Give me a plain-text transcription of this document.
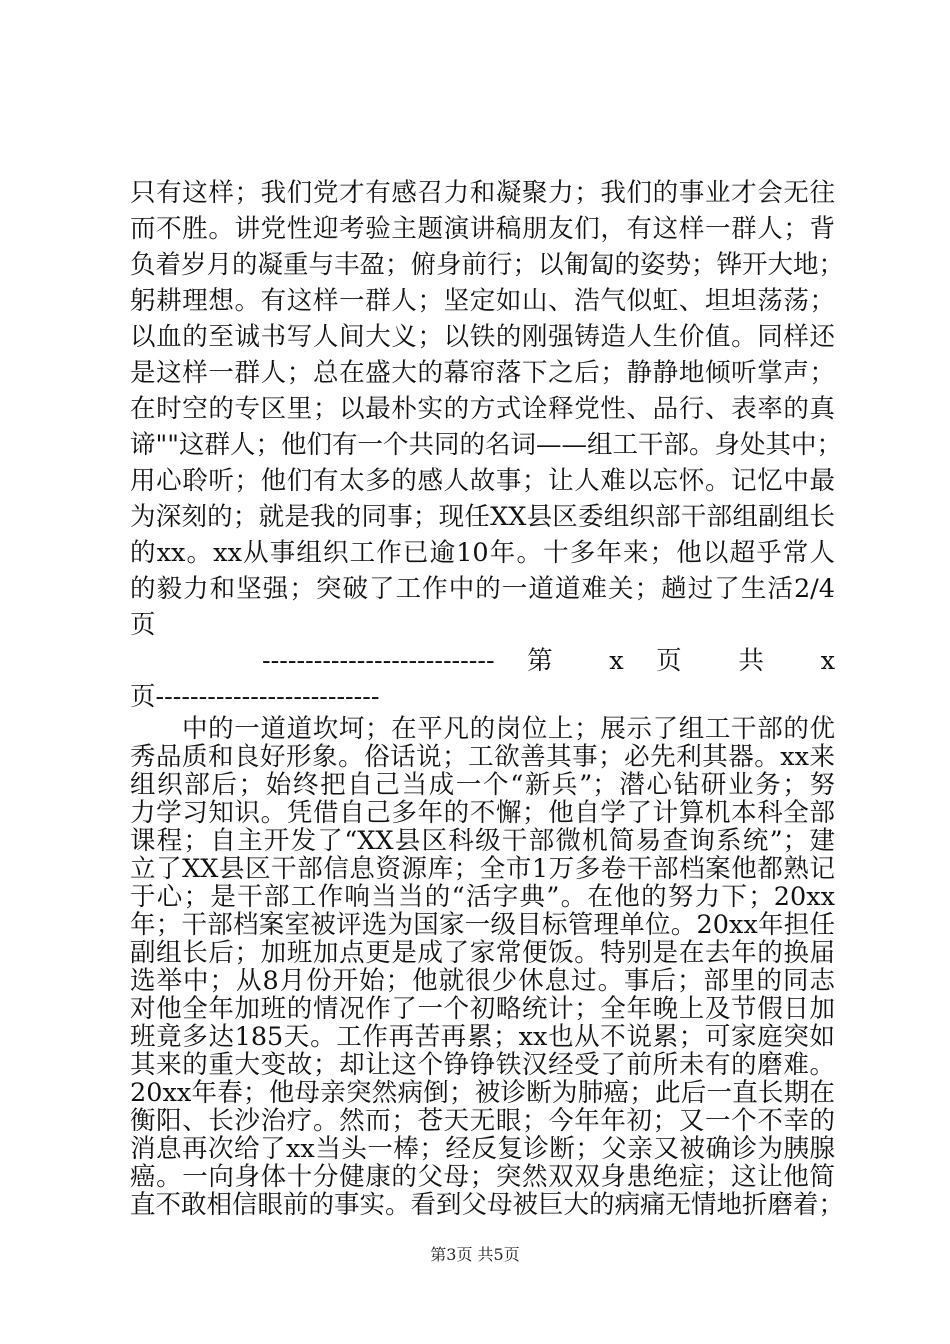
只有这样；我们党才有感召力和凝聚力；我们的事业才会无往
而不胜。讲党性迎考验主题演讲稿朋友们，有这样一群人；背
负着岁月的凝重与丰盈；俯身前行；以匍匐的姿势；铧开大地；
躬耕理想。有这样一群人；坚定如山、浩气似虹、坦坦荡荡；
以血的至诚书写人间大义；以铁的刚强铸造人生价值。同样还
是这样一群人；总在盛大的幕帘落下之后；静静地倾听掌声；
在时空的专区里；以最朴实的方式诠释党性、品行、表率的真
谛""这群人；他们有一个共同的名词——组工干部。身处其中；
用心聆听；他们有太多的感人故事；让人难以忘怀。记忆中最
为深刻的；就是我的同事；现任XX县区委组织部干部组副组长
的xx。xx从事组织工作已逾10年。十多年来；他以超乎常人
的毅力和坚强；突破了工作中的一道道难关；趟过了生活2/4
页
--------------------------- 第 x 页 共 x
页--------------------------
中的一道道坎坷；在平凡的岗位上；展示了组工干部的优
秀品质和良好形象。俗话说；工欲善其事；必先利其器。xx来
组织部后；始终把自己当成一个“新兵”；潜心钻研业务；努
力学习知识。凭借自己多年的不懈；他自学了计算机本科全部
课程；自主开发了“XX县区科级干部微机简易查询系统”；建
立了XX县区干部信息资源库；全市1万多卷干部档案他都熟记
于心；是干部工作响当当的“活字典”。在他的努力下；20xx
年；干部档案室被评选为国家一级目标管理单位。20xx年担任
副组长后；加班加点更是成了家常便饭。特别是在去年的换届
选举中；从8月份开始；他就很少休息过。事后；部里的同志
对他全年加班的情况作了一个初略统计；全年晚上及节假日加
班竟多达185天。工作再苦再累；xx也从不说累；可家庭突如
其来的重大变故；却让这个铮铮铁汉经受了前所未有的磨难。
20xx年春；他母亲突然病倒；被诊断为肺癌；此后一直长期在
衡阳、长沙治疗。然而；苍天无眼；今年年初；又一个不幸的
消息再次给了xx当头一棒；经反复诊断；父亲又被确诊为胰腺
癌。一向身体十分健康的父母；突然双双身患绝症；这让他简
直不敢相信眼前的事实。看到父母被巨大的病痛无情地折磨着；
第3页 共5页
